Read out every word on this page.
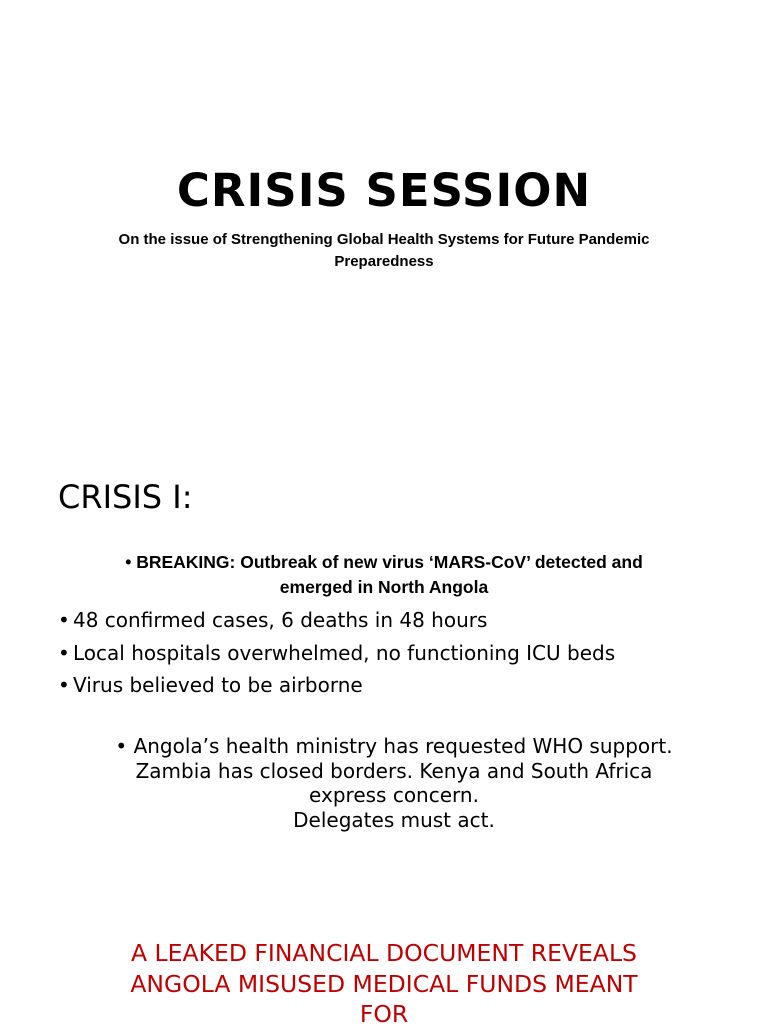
CRISIS SESSION

On the issue of Strengthening Global Health Systems for Future Pandemic Preparedness

CRISIS I:

• BREAKING: Outbreak of new virus ‘MARS-CoV’ detected and emerged in North Angola

• 48 confirmed cases, 6 deaths in 48 hours
• Local hospitals overwhelmed, no functioning ICU beds
• Virus believed to be airborne

• Angola’s health ministry has requested WHO support.
Zambia has closed borders. Kenya and South Africa
express concern.
Delegates must act.

A LEAKED FINANCIAL DOCUMENT REVEALS ANGOLA MISUSED MEDICAL FUNDS MEANT FOR
